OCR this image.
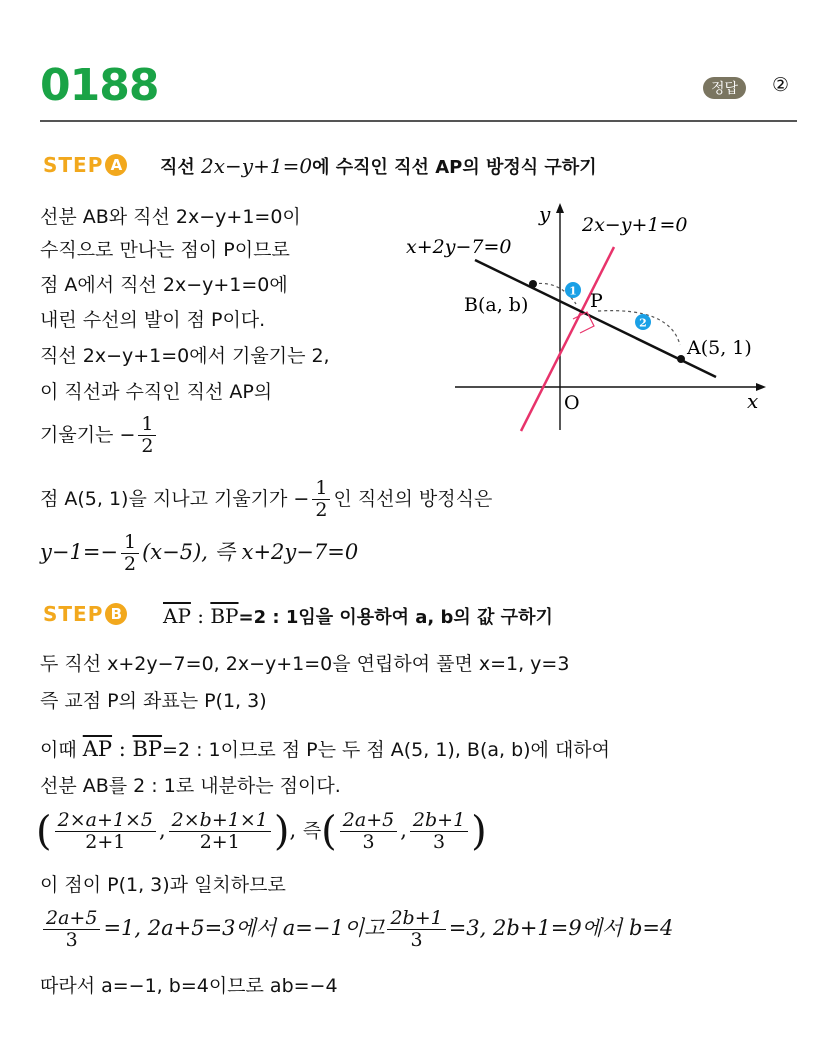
0188	정답	②
STEP A 직선 2x−y+1=0에 수직인 직선 AP의 방정식 구하기
선분 AB와 직선 2x−y+1=0이
수직으로 만나는 점이 P이므로
점 A에서 직선 2x−y+1=0에
내린 수선의 발이 점 P이다.
직선 2x−y+1=0에서 기울기는 2,
이 직선과 수직인 직선 AP의
기울기는 − $\frac{1}{2}$
점 A(5, 1)을 지나고 기울기가 − $\frac{1}{2}$ 인 직선의 방정식은
$y-1=- \frac{1}{2} (x-5)$, 즉 x+2y−7=0
1
2
y
x
O
2x−y+1=0
x+2y−7=0
B(a, b)
A(5, 1)
P
STEP B $\overline{AP}$ : $\overline{BP}=2$ : 1임을 이용하여 a, b의 값 구하기
두 직선 x+2y−7=0, 2x−y+1=0을 연립하여 풀면 x=1, y=3
즉 교점 P의 좌표는 P(1, 3)
이때 $\overline{AP}$ : $\overline{BP}=2$ : 1이므로 점 P는 두 점 A(5, 1), B(a, b)에 대하여
선분 AB를 2 : 1로 내분하는 점이다.
( $\frac{2\times a+1\times 5}{2+1}$ , $\frac{2\times b+1\times 1}{2+1}$ ), 즉( $\frac{2a+5}{3}$ , $\frac{2b+1}{3}$ )
이 점이 P(1, 3)과 일치하므로
$\frac{2a+5}{3} =1$, 2a+5=3에서 a=−1이고 $\frac{2b+1}{3} =3$, 2b+1=9에서 b=4
따라서 a=−1, b=4이므로 ab=−4
